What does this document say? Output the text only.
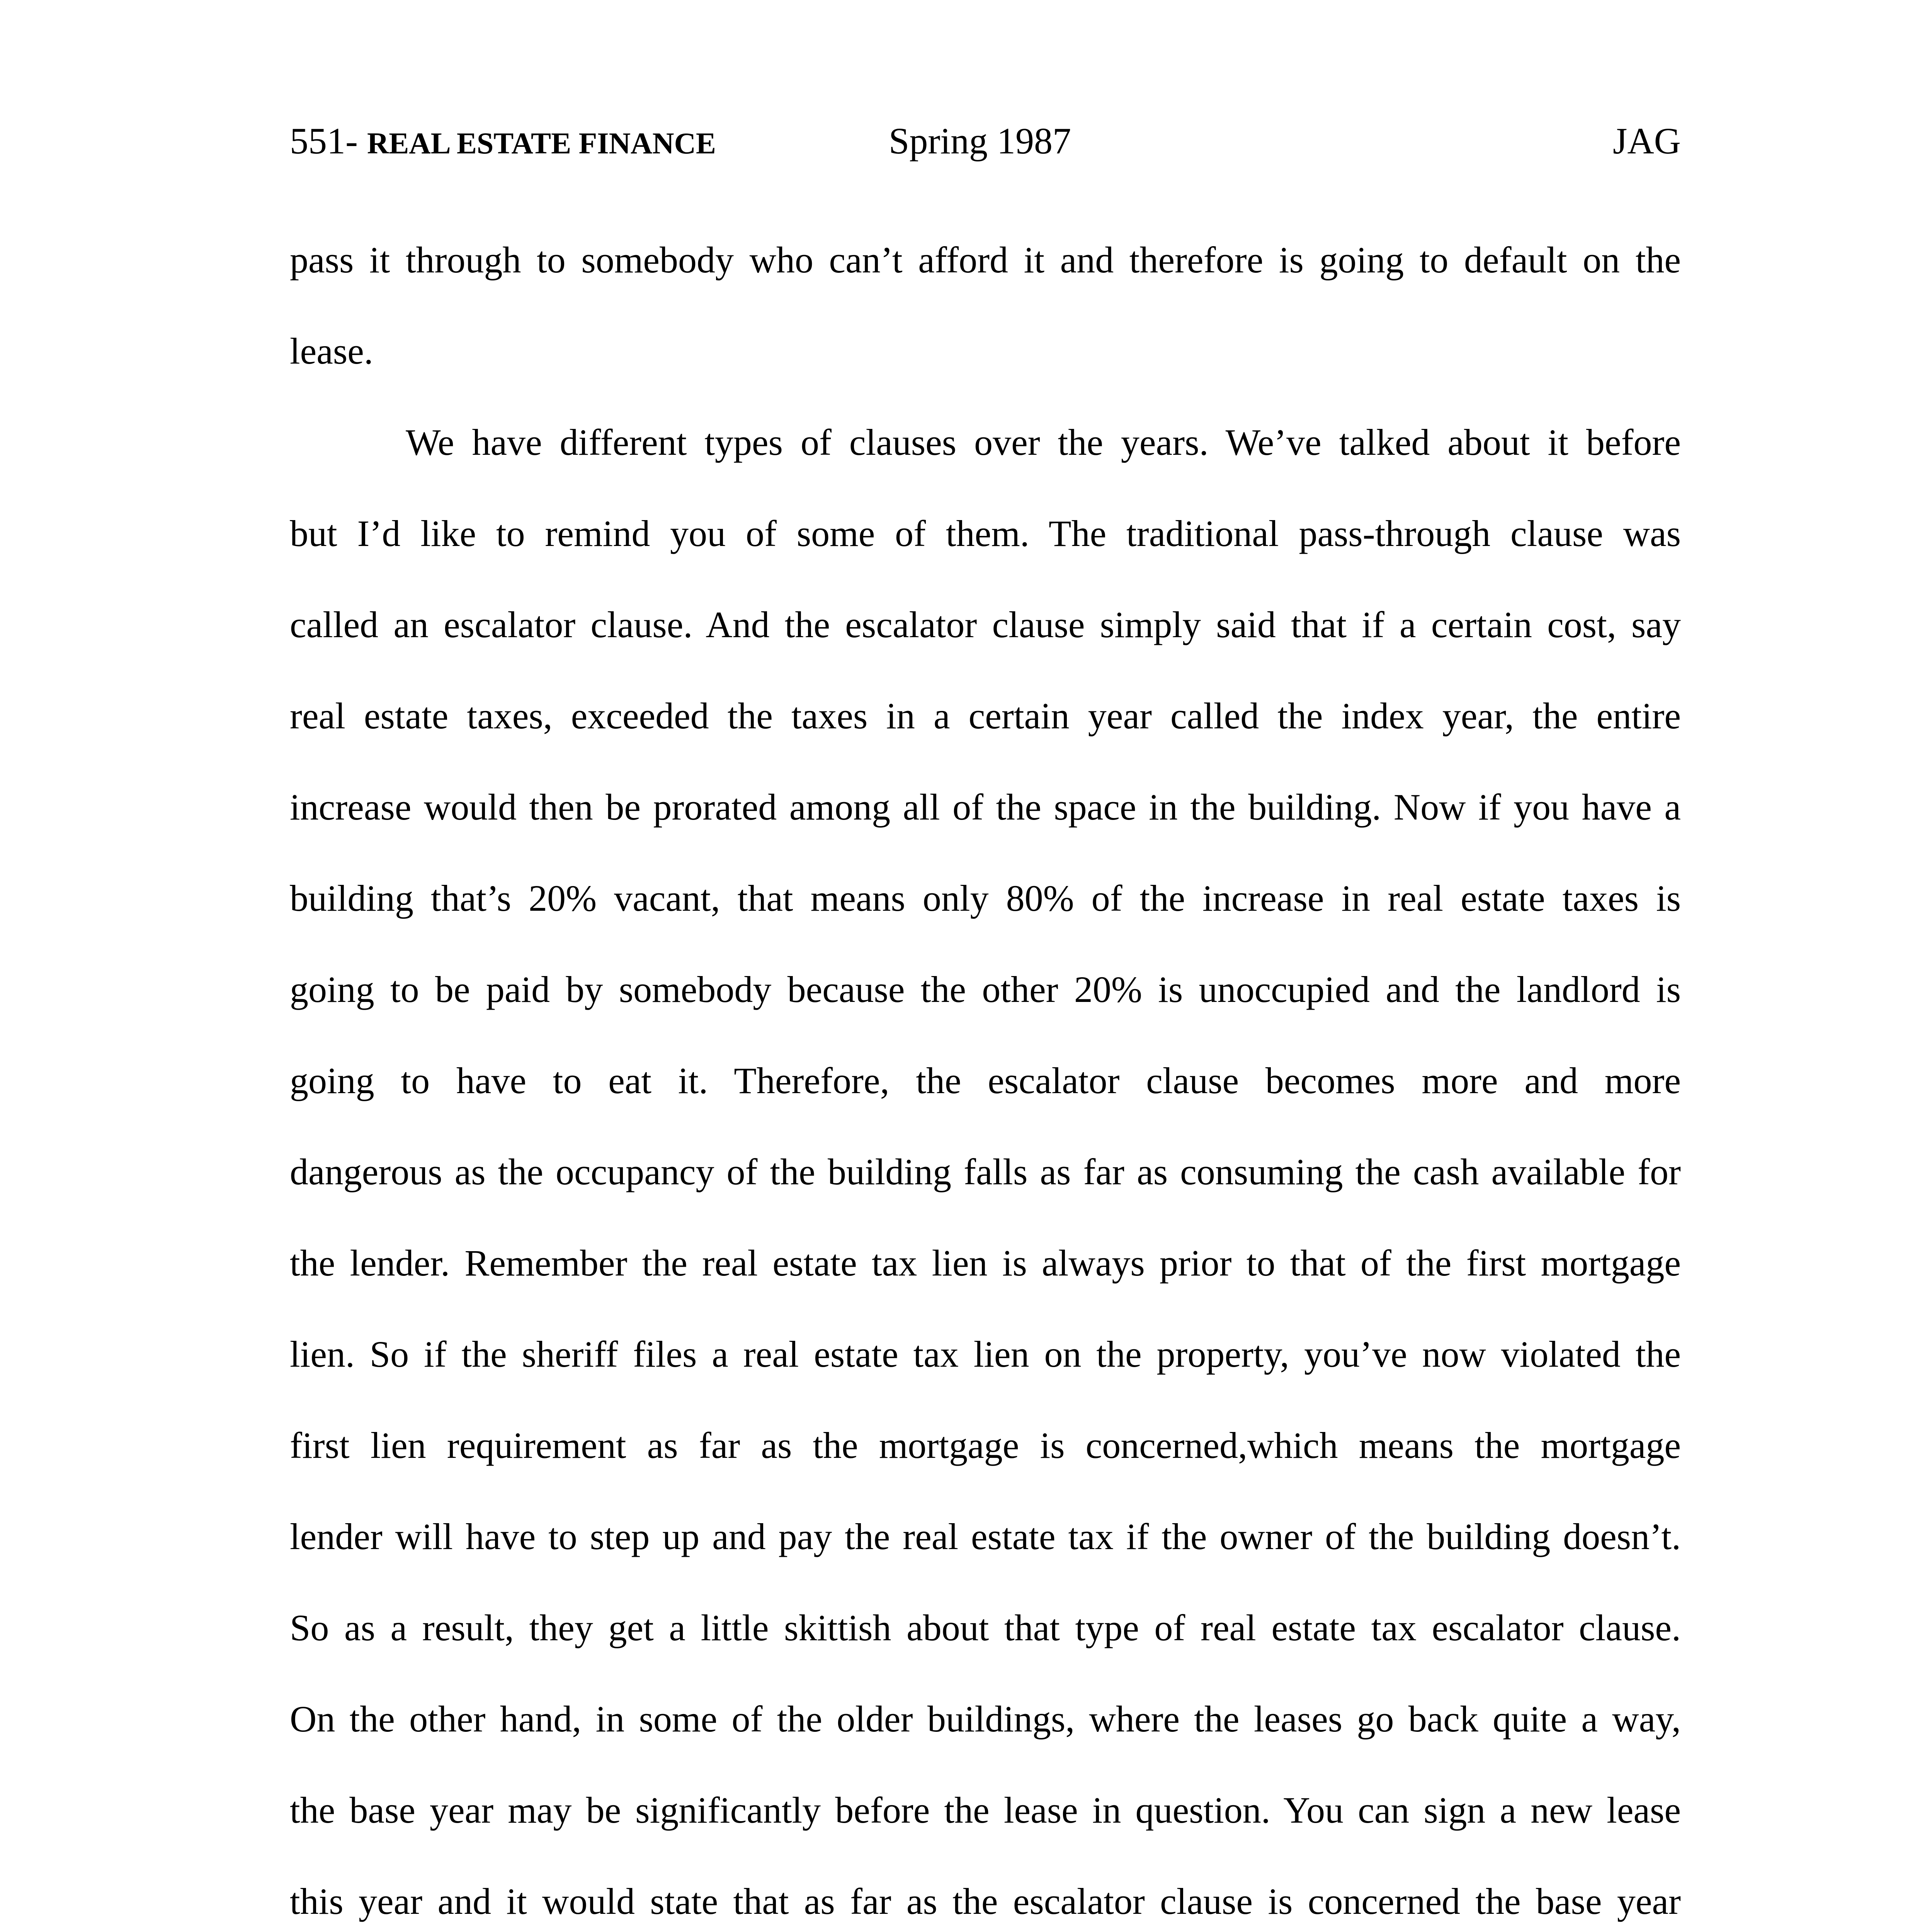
551- REAL ESTATE FINANCE	Spring 1987	JAG
pass it through to somebody who can’t afford it and therefore is going to default on the
lease.
We have different types of clauses over the years. We’ve talked about it before
but I’d like to remind you of some of them. The traditional pass-through clause was
called an escalator clause. And the escalator clause simply said that if a certain cost, say
real estate taxes, exceeded the taxes in a certain year called the index year, the entire
increase would then be prorated among all of the space in the building. Now if you have a
building that’s 20% vacant, that means only 80% of the increase in real estate taxes is
going to be paid by somebody because the other 20% is unoccupied and the landlord is
going to have to eat it. Therefore, the escalator clause becomes more and more
dangerous as the occupancy of the building falls as far as consuming the cash available for
the lender. Remember the real estate tax lien is always prior to that of the first mortgage
lien. So if the sheriff files a real estate tax lien on the property, you’ve now violated the
first lien requirement as far as the mortgage is concerned,which means the mortgage
lender will have to step up and pay the real estate tax if the owner of the building doesn’t.
So as a result, they get a little skittish about that type of real estate tax escalator clause.
On the other hand, in some of the older buildings, where the leases go back quite a way,
the base year may be significantly before the lease in question. You can sign a new lease
this year and it would state that as far as the escalator clause is concerned the base year
